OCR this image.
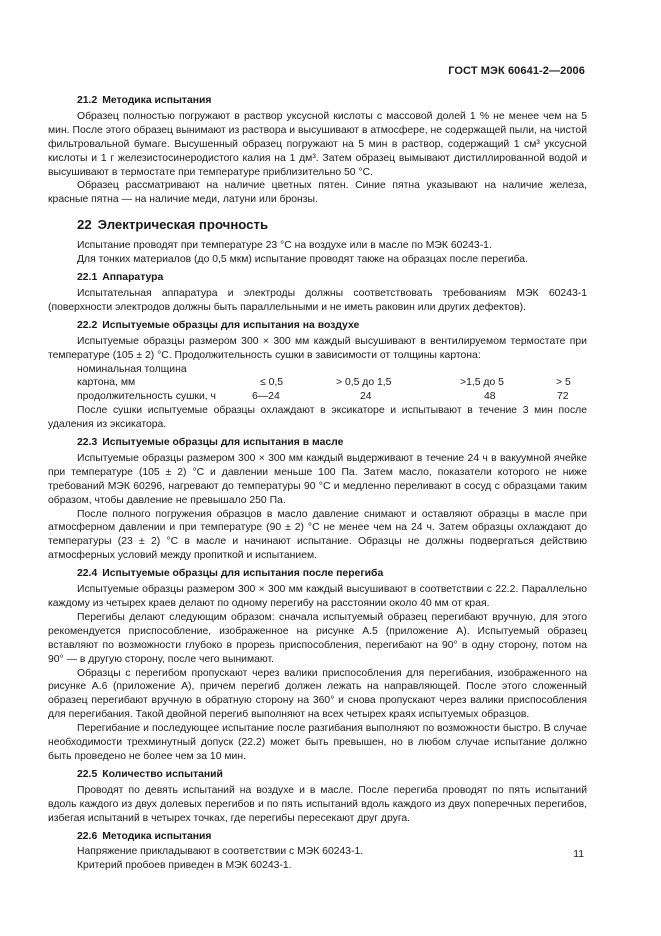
ГОСТ МЭК 60641-2—2006
21.2 Методика испытания

Образец полностью погружают в раствор уксусной кислоты с массовой долей 1 % не менее чем на 5 мин. После этого образец вынимают из раствора и высушивают в атмосфере, не содержащей пыли, на чистой фильтровальной бумаге. Высушенный образец погружают на 5 мин в раствор, содержащий 1 см³ уксусной кислоты и 1 г железистосинеродистого калия на 1 дм³. Затем образец вымывают дистиллированной водой и высушивают в термостате при температуре приблизительно 50 °C.

Образец рассматривают на наличие цветных пятен. Синие пятна указывают на наличие железа, красные пятна — на наличие меди, латуни или бронзы.

22 Электрическая прочность

Испытание проводят при температуре 23 °C на воздухе или в масле по МЭК 60243-1.

Для тонких материалов (до 0,5 мкм) испытание проводят также на образцах после перегиба.

22.1 Аппаратура

Испытательная аппаратура и электроды должны соответствовать требованиям МЭК 60243-1 (поверхности электродов должны быть параллельными и не иметь раковин или других дефектов).

22.2 Испытуемые образцы для испытания на воздухе

Испытуемые образцы размером 300 × 300 мм каждый высушивают в вентилируемом термостате при температуре (105 ± 2) °C. Продолжительность сушки в зависимости от толщины картона:

номинальная толщина				
картона, мм	≤ 0,5	> 0,5 до 1,5	>1,5 до 5	> 5
продолжительность сушки, ч	6—24	24	48	72

После сушки испытуемые образцы охлаждают в эксикаторе и испытывают в течение 3 мин после удаления из эксикатора.

22.3 Испытуемые образцы для испытания в масле

Испытуемые образцы размером 300 × 300 мм каждый выдерживают в течение 24 ч в вакуумной ячейке при температуре (105 ± 2) °C и давлении меньше 100 Па. Затем масло, показатели которого не ниже требований МЭК 60296, нагревают до температуры 90 °C и медленно переливают в сосуд с образцами таким образом, чтобы давление не превышало 250 Па.

После полного погружения образцов в масло давление снимают и оставляют образцы в масле при атмосферном давлении и при температуре (90 ± 2) °C не менее чем на 24 ч. Затем образцы охлаждают до температуры (23 ± 2) °C в масле и начинают испытание. Образцы не должны подвергаться действию атмосферных условий между пропиткой и испытанием.

22.4 Испытуемые образцы для испытания после перегиба

Испытуемые образцы размером 300 × 300 мм каждый высушивают в соответствии с 22.2. Параллельно каждому из четырех краев делают по одному перегибу на расстоянии около 40 мм от края.

Перегибы делают следующим образом: сначала испытуемый образец перегибают вручную, для этого рекомендуется приспособление, изображенное на рисунке А.5 (приложение А). Испытуемый образец вставляют по возможности глубоко в прорезь приспособления, перегибают на 90° в одну сторону, потом на 90° — в другую сторону, после чего вынимают.

Образцы с перегибом пропускают через валики приспособления для перегибания, изображенного на рисунке А.6 (приложение А), причем перегиб должен лежать на направляющей. После этого сложенный образец перегибают вручную в обратную сторону на 360° и снова пропускают через валики приспособления для перегибания. Такой двойной перегиб выполняют на всех четырех краях испытуемых образцов.

Перегибание и последующее испытание после разгибания выполняют по возможности быстро. В случае необходимости трехминутный допуск (22.2) может быть превышен, но в любом случае испытание должно быть проведено не более чем за 10 мин.

22.5 Количество испытаний

Проводят по девять испытаний на воздухе и в масле. После перегиба проводят по пять испытаний вдоль каждого из двух долевых перегибов и по пять испытаний вдоль каждого из двух поперечных перегибов, избегая испытаний в четырех точках, где перегибы пересекают друг друга.

22.6 Методика испытания

Напряжение прикладывают в соответствии с МЭК 60243-1.

Критерий пробоев приведен в МЭК 60243-1.

11
